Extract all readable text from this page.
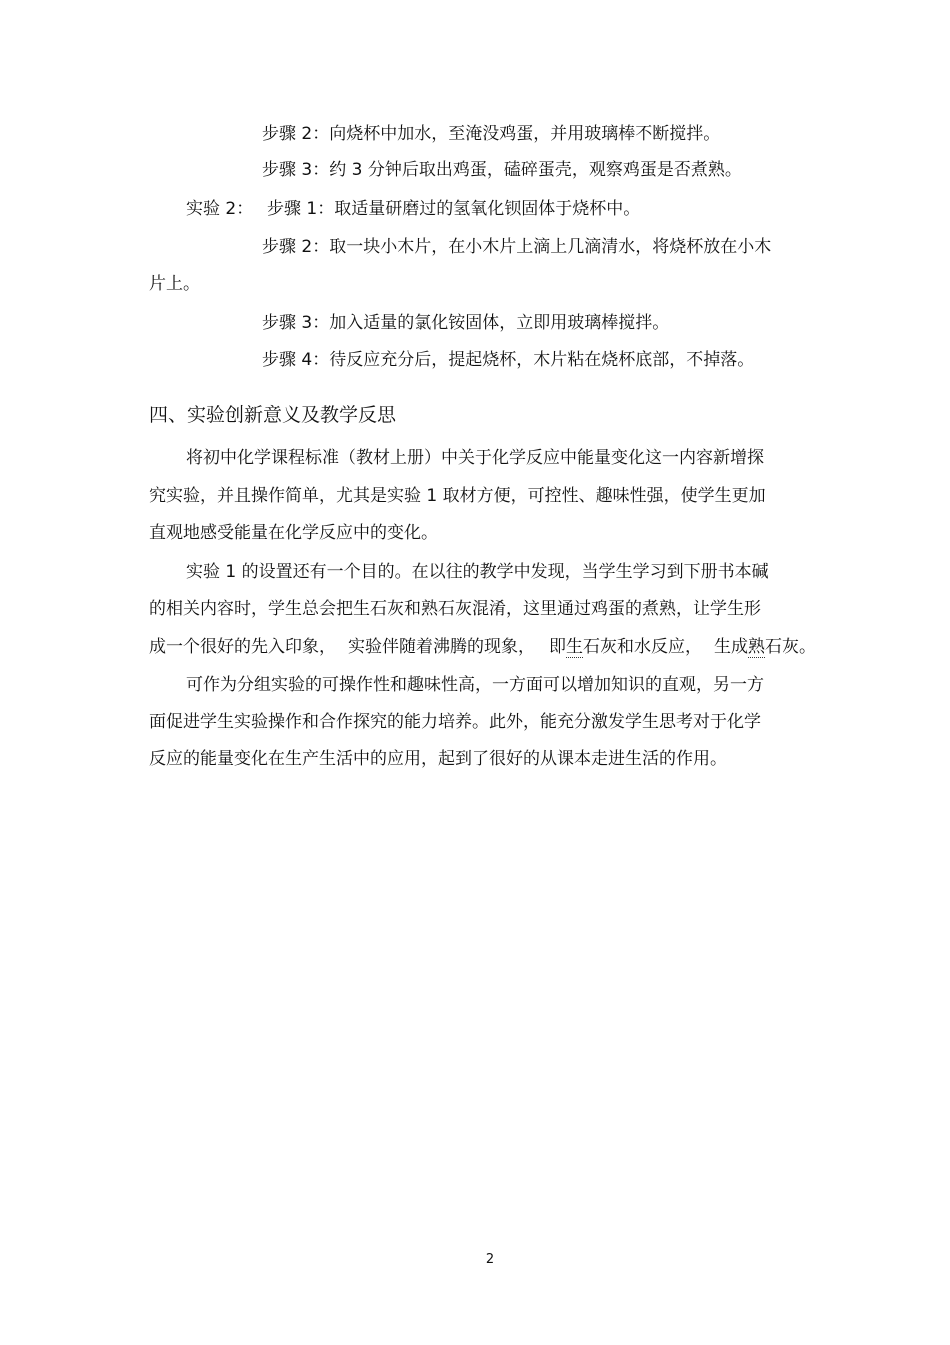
步骤 2：向烧杯中加水，至淹没鸡蛋，并用玻璃棒不断搅拌。
步骤 3：约 3 分钟后取出鸡蛋，磕碎蛋壳，观察鸡蛋是否煮熟。
实验 2： 步骤 1：取适量研磨过的氢氧化钡固体于烧杯中。
步骤 2：取一块小木片，在小木片上滴上几滴清水，将烧杯放在小木
片上。
步骤 3：加入适量的氯化铵固体，立即用玻璃棒搅拌。
步骤 4：待反应充分后，提起烧杯，木片粘在烧杯底部，不掉落。
四、实验创新意义及教学反思
将初中化学课程标准（教材上册）中关于化学反应中能量变化这一内容新增探
究实验，并且操作简单，尤其是实验 1 取材方便，可控性、趣味性强，使学生更加
直观地感受能量在化学反应中的变化。
实验 1 的设置还有一个目的。在以往的教学中发现，当学生学习到下册书本碱
的相关内容时，学生总会把生石灰和熟石灰混淆，这里通过鸡蛋的煮熟，让学生形
成一个很好的先入印象， 实验伴随着沸腾的现象， 即生石灰和水反应， 生成熟石灰。
可作为分组实验的可操作性和趣味性高，一方面可以增加知识的直观，另一方
面促进学生实验操作和合作探究的能力培养。此外，能充分激发学生思考对于化学
反应的能量变化在生产生活中的应用，起到了很好的从课本走进生活的作用。
2
